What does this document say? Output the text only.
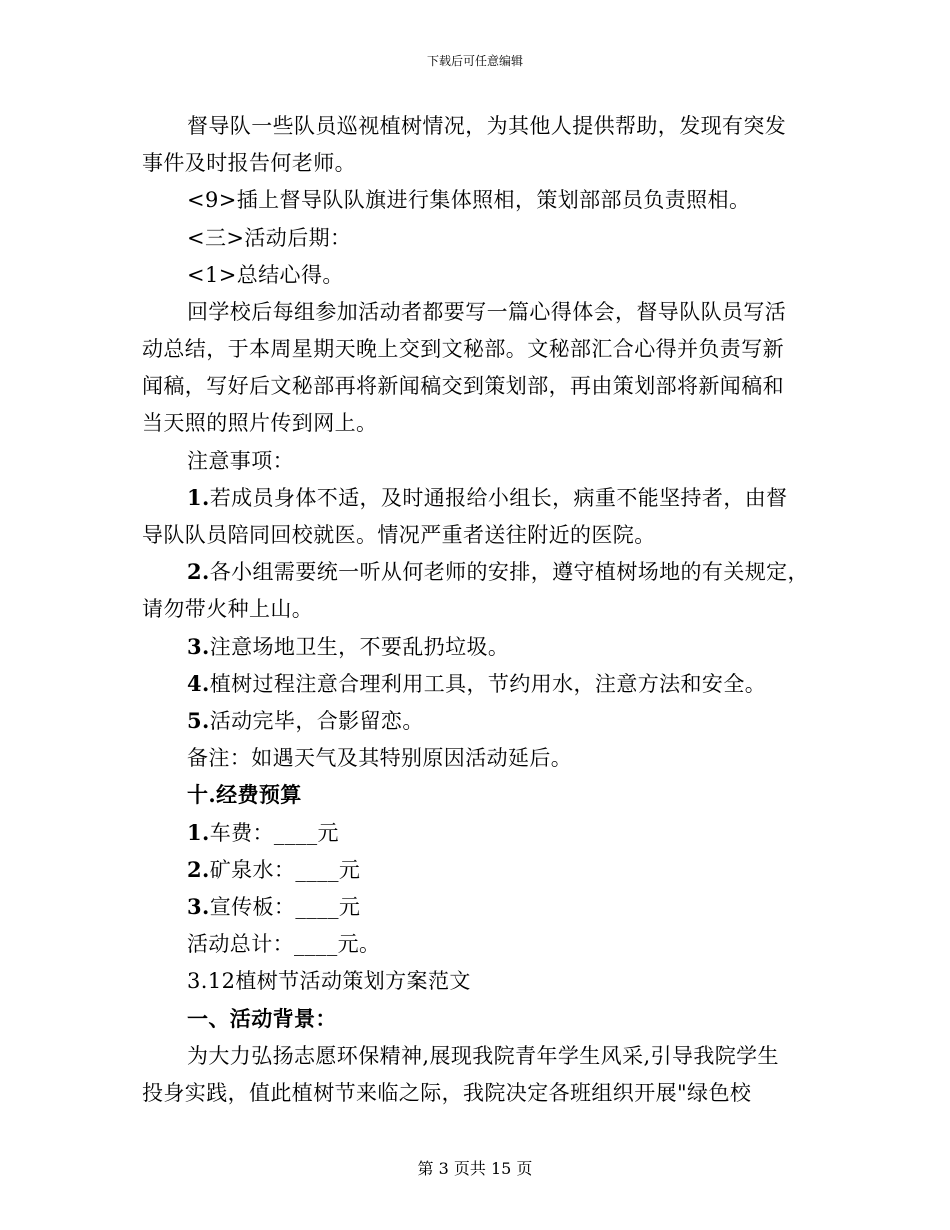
下载后可任意编辑
督导队一些队员巡视植树情况，为其他人提供帮助，发现有突发
事件及时报告何老师。
<9>插上督导队队旗进行集体照相，策划部部员负责照相。
<三>活动后期：
<1>总结心得。
回学校后每组参加活动者都要写一篇心得体会，督导队队员写活
动总结，于本周星期天晚上交到文秘部。文秘部汇合心得并负责写新
闻稿，写好后文秘部再将新闻稿交到策划部，再由策划部将新闻稿和
当天照的照片传到网上。
注意事项：
1.若成员身体不适，及时通报给小组长，病重不能坚持者，由督
导队队员陪同回校就医。情况严重者送往附近的医院。
2.各小组需要统一听从何老师的安排，遵守植树场地的有关规定，
请勿带火种上山。
3.注意场地卫生，不要乱扔垃圾。
4.植树过程注意合理利用工具，节约用水，注意方法和安全。
5.活动完毕，合影留恋。
备注：如遇天气及其特别原因活动延后。
十.经费预算
1.车费：____元
2.矿泉水：____元
3.宣传板：____元
活动总计：____元。
3.12植树节活动策划方案范文
一、活动背景：
为大力弘扬志愿环保精神,展现我院青年学生风采,引导我院学生
投身实践，值此植树节来临之际，我院决定各班组织开展"绿色校
第 3 页共 15 页
